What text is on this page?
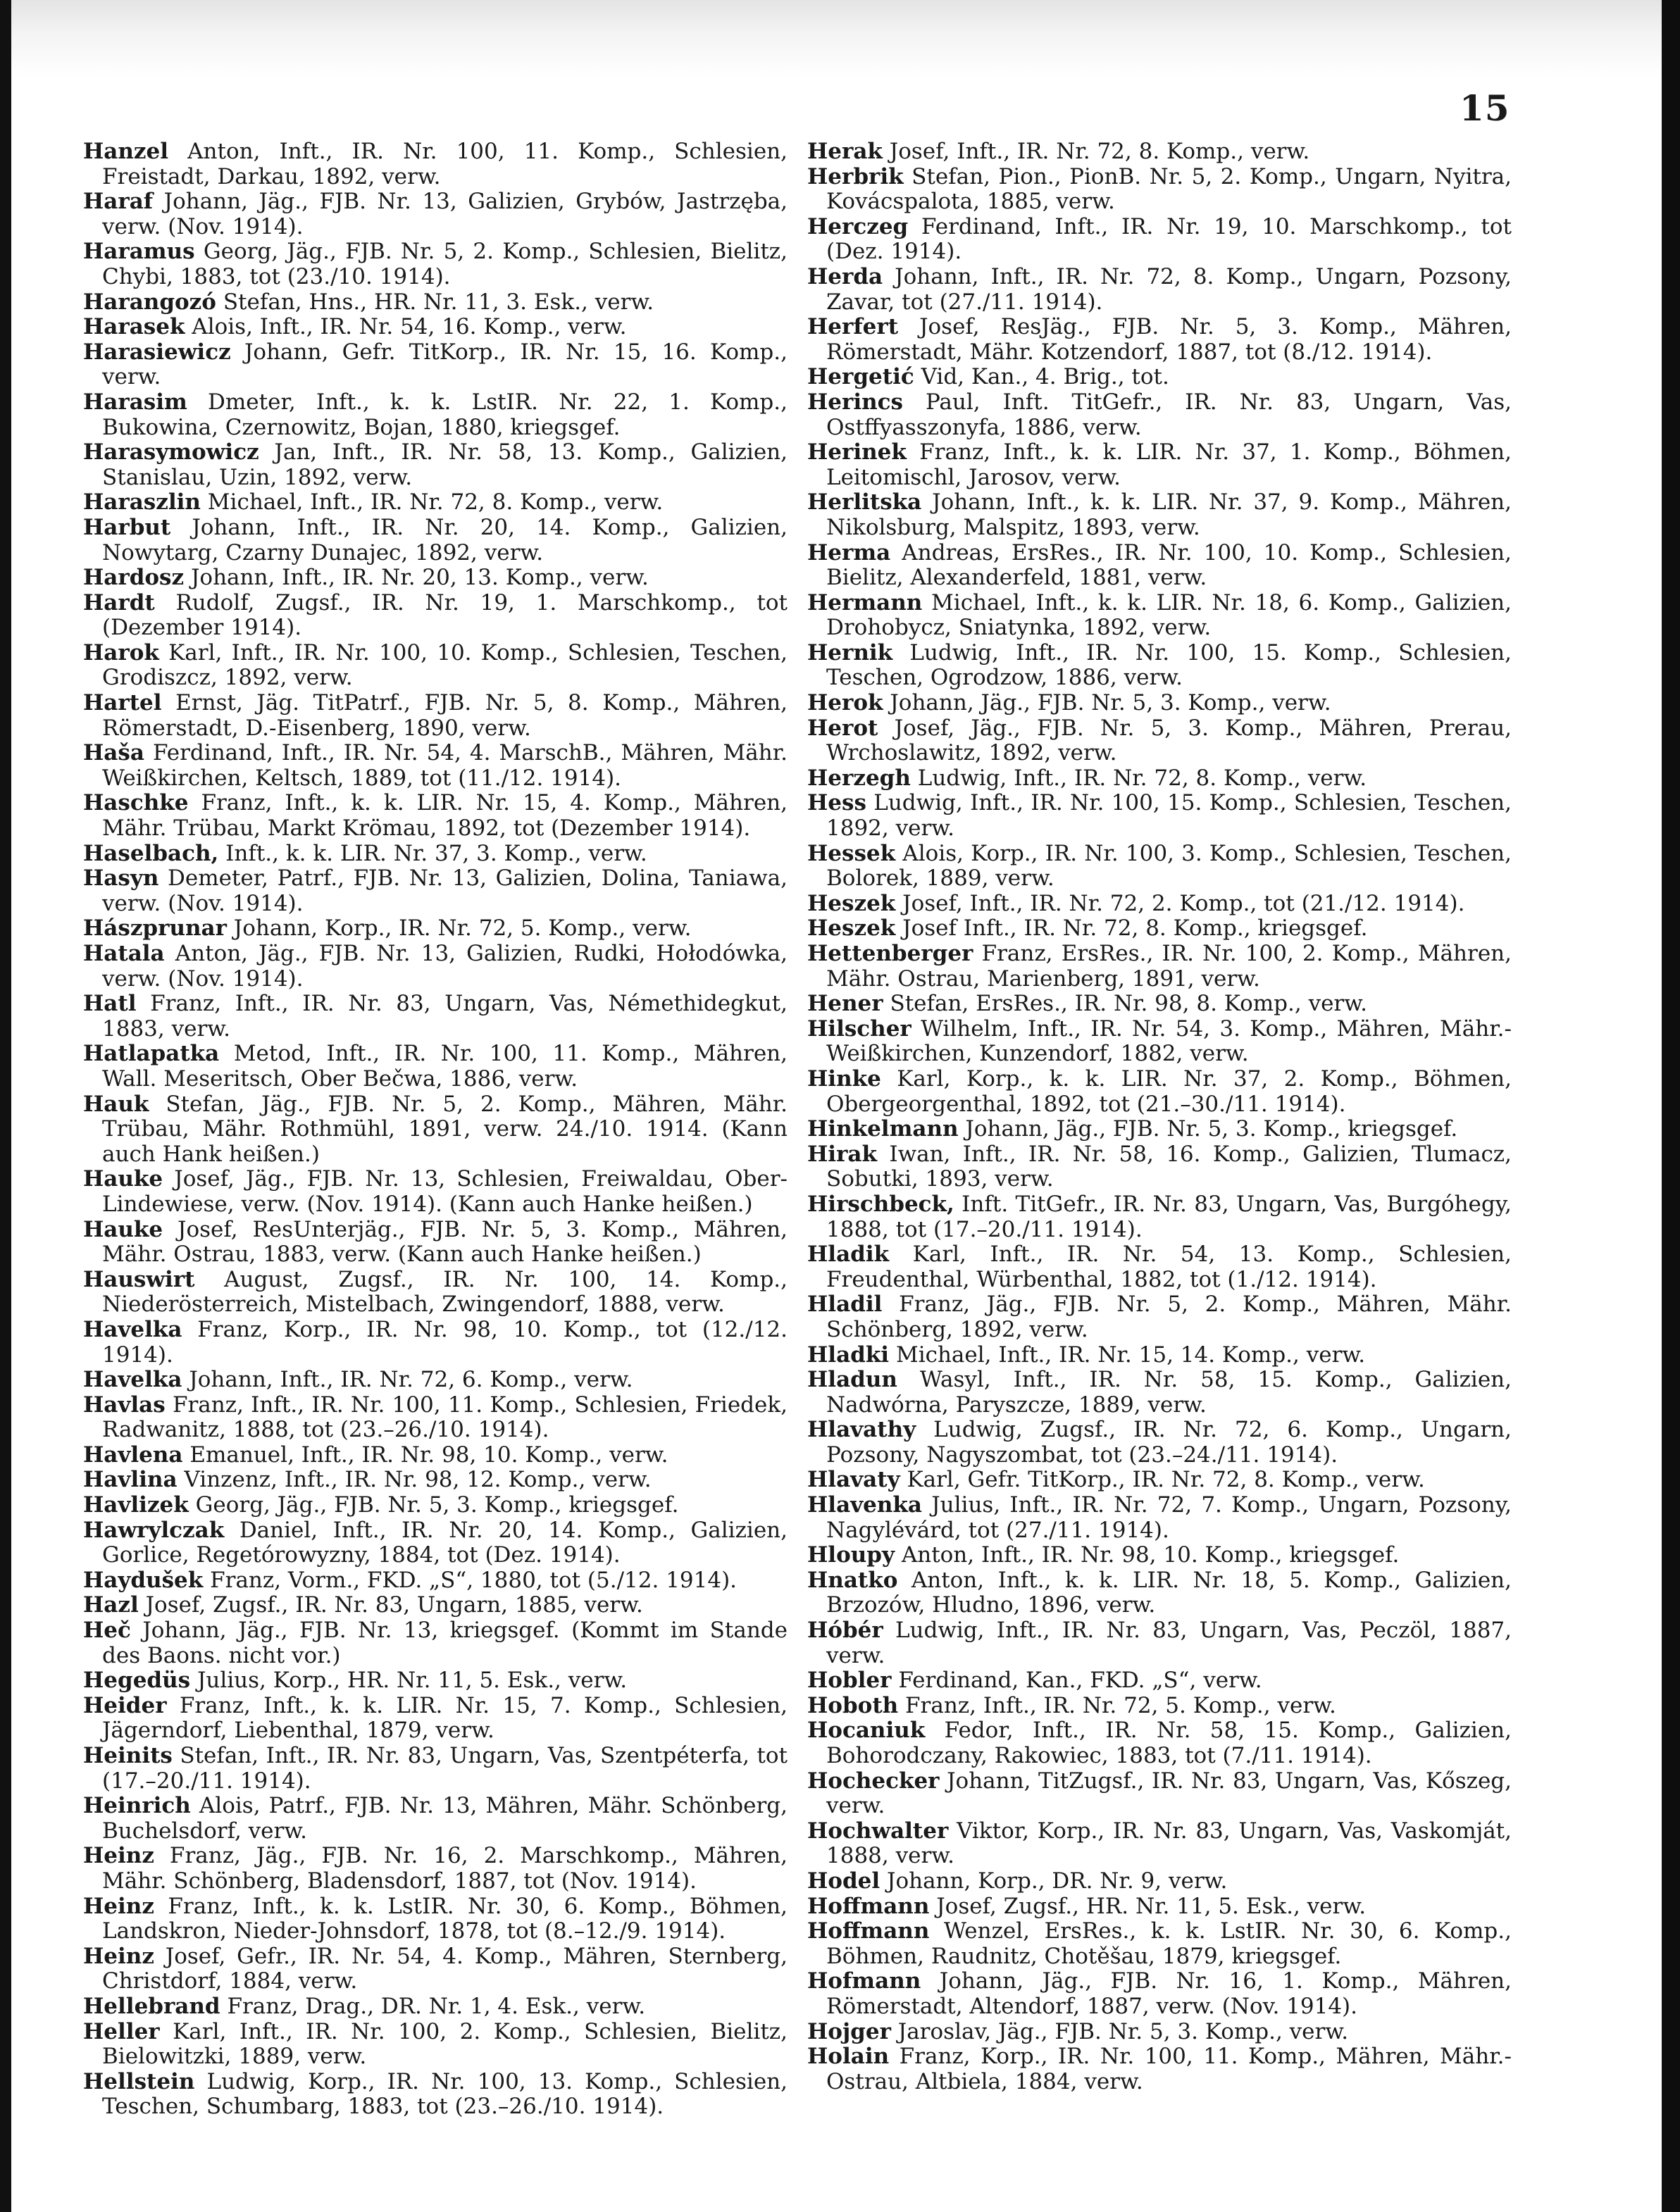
15

Hanzel Anton, Inft., IR. Nr. 100, 11. Komp., Schlesien, Freistadt, Darkau, 1892, verw.

Haraf Johann, Jäg., FJB. Nr. 13, Galizien, Grybów, Jastrzęba, verw. (Nov. 1914).

Haramus Georg, Jäg., FJB. Nr. 5, 2. Komp., Schlesien, Bielitz, Chybi, 1883, tot (23./10. 1914).

Harangozó Stefan, Hns., HR. Nr. 11, 3. Esk., verw.

Harasek Alois, Inft., IR. Nr. 54, 16. Komp., verw.

Harasiewicz Johann, Gefr. TitKorp., IR. Nr. 15, 16. Komp., verw.

Harasim Dmeter, Inft., k. k. LstIR. Nr. 22, 1. Komp., Bukowina, Czernowitz, Bojan, 1880, kriegsgef.

Harasymowicz Jan, Inft., IR. Nr. 58, 13. Komp., Galizien, Stanislau, Uzin, 1892, verw.

Haraszlin Michael, Inft., IR. Nr. 72, 8. Komp., verw.

Harbut Johann, Inft., IR. Nr. 20, 14. Komp., Galizien, Nowytarg, Czarny Dunajec, 1892, verw.

Hardosz Johann, Inft., IR. Nr. 20, 13. Komp., verw.

Hardt Rudolf, Zugsf., IR. Nr. 19, 1. Marschkomp., tot (Dezember 1914).

Harok Karl, Inft., IR. Nr. 100, 10. Komp., Schlesien, Teschen, Grodiszcz, 1892, verw.

Hartel Ernst, Jäg. TitPatrf., FJB. Nr. 5, 8. Komp., Mähren, Römerstadt, D.-Eisenberg, 1890, verw.

Haša Ferdinand, Inft., IR. Nr. 54, 4. MarschB., Mähren, Mähr. Weißkirchen, Keltsch, 1889, tot (11./12. 1914).

Haschke Franz, Inft., k. k. LIR. Nr. 15, 4. Komp., Mähren, Mähr. Trübau, Markt Krömau, 1892, tot (Dezember 1914).

Haselbach, Inft., k. k. LIR. Nr. 37, 3. Komp., verw.

Hasyn Demeter, Patrf., FJB. Nr. 13, Galizien, Dolina, Taniawa, verw. (Nov. 1914).

Hászprunar Johann, Korp., IR. Nr. 72, 5. Komp., verw.

Hatala Anton, Jäg., FJB. Nr. 13, Galizien, Rudki, Hołodówka, verw. (Nov. 1914).

Hatl Franz, Inft., IR. Nr. 83, Ungarn, Vas, Némethidegkut, 1883, verw.

Hatlapatka Metod, Inft., IR. Nr. 100, 11. Komp., Mähren, Wall. Meseritsch, Ober Bečwa, 1886, verw.

Hauk Stefan, Jäg., FJB. Nr. 5, 2. Komp., Mähren, Mähr. Trübau, Mähr. Rothmühl, 1891, verw. 24./10. 1914. (Kann auch Hank heißen.)

Hauke Josef, Jäg., FJB. Nr. 13, Schlesien, Freiwaldau, Ober-Lindewiese, verw. (Nov. 1914). (Kann auch Hanke heißen.)

Hauke Josef, ResUnterjäg., FJB. Nr. 5, 3. Komp., Mähren, Mähr. Ostrau, 1883, verw. (Kann auch Hanke heißen.)

Hauswirt August, Zugsf., IR. Nr. 100, 14. Komp., Niederösterreich, Mistelbach, Zwingendorf, 1888, verw.

Havelka Franz, Korp., IR. Nr. 98, 10. Komp., tot (12./12. 1914).

Havelka Johann, Inft., IR. Nr. 72, 6. Komp., verw.

Havlas Franz, Inft., IR. Nr. 100, 11. Komp., Schlesien, Friedek, Radwanitz, 1888, tot (23.–26./10. 1914).

Havlena Emanuel, Inft., IR. Nr. 98, 10. Komp., verw.

Havlina Vinzenz, Inft., IR. Nr. 98, 12. Komp., verw.

Havlizek Georg, Jäg., FJB. Nr. 5, 3. Komp., kriegsgef.

Hawrylczak Daniel, Inft., IR. Nr. 20, 14. Komp., Galizien, Gorlice, Regetórowyzny, 1884, tot (Dez. 1914).

Haydušek Franz, Vorm., FKD. „S“, 1880, tot (5./12. 1914).

Hazl Josef, Zugsf., IR. Nr. 83, Ungarn, 1885, verw.

Heč Johann, Jäg., FJB. Nr. 13, kriegsgef. (Kommt im Stande des Baons. nicht vor.)

Hegedüs Julius, Korp., HR. Nr. 11, 5. Esk., verw.

Heider Franz, Inft., k. k. LIR. Nr. 15, 7. Komp., Schlesien, Jägerndorf, Liebenthal, 1879, verw.

Heinits Stefan, Inft., IR. Nr. 83, Ungarn, Vas, Szentpéterfa, tot (17.–20./11. 1914).

Heinrich Alois, Patrf., FJB. Nr. 13, Mähren, Mähr. Schönberg, Buchelsdorf, verw.

Heinz Franz, Jäg., FJB. Nr. 16, 2. Marschkomp., Mähren, Mähr. Schönberg, Bladensdorf, 1887, tot (Nov. 1914).

Heinz Franz, Inft., k. k. LstIR. Nr. 30, 6. Komp., Böhmen, Landskron, Nieder-Johnsdorf, 1878, tot (8.–12./9. 1914).

Heinz Josef, Gefr., IR. Nr. 54, 4. Komp., Mähren, Sternberg, Christdorf, 1884, verw.

Hellebrand Franz, Drag., DR. Nr. 1, 4. Esk., verw.

Heller Karl, Inft., IR. Nr. 100, 2. Komp., Schlesien, Bielitz, Bielowitzki, 1889, verw.

Hellstein Ludwig, Korp., IR. Nr. 100, 13. Komp., Schlesien, Teschen, Schumbarg, 1883, tot (23.–26./10. 1914).

Herak Josef, Inft., IR. Nr. 72, 8. Komp., verw.

Herbrik Stefan, Pion., PionB. Nr. 5, 2. Komp., Ungarn, Nyitra, Kovácspalota, 1885, verw.

Herczeg Ferdinand, Inft., IR. Nr. 19, 10. Marschkomp., tot (Dez. 1914).

Herda Johann, Inft., IR. Nr. 72, 8. Komp., Ungarn, Pozsony, Zavar, tot (27./11. 1914).

Herfert Josef, ResJäg., FJB. Nr. 5, 3. Komp., Mähren, Römerstadt, Mähr. Kotzendorf, 1887, tot (8./12. 1914).

Hergetić Vid, Kan., 4. Brig., tot.

Herincs Paul, Inft. TitGefr., IR. Nr. 83, Ungarn, Vas, Ostffyasszonyfa, 1886, verw.

Herinek Franz, Inft., k. k. LIR. Nr. 37, 1. Komp., Böhmen, Leitomischl, Jarosov, verw.

Herlitska Johann, Inft., k. k. LIR. Nr. 37, 9. Komp., Mähren, Nikolsburg, Malspitz, 1893, verw.

Herma Andreas, ErsRes., IR. Nr. 100, 10. Komp., Schlesien, Bielitz, Alexanderfeld, 1881, verw.

Hermann Michael, Inft., k. k. LIR. Nr. 18, 6. Komp., Galizien, Drohobycz, Sniatynka, 1892, verw.

Hernik Ludwig, Inft., IR. Nr. 100, 15. Komp., Schlesien, Teschen, Ogrodzow, 1886, verw.

Herok Johann, Jäg., FJB. Nr. 5, 3. Komp., verw.

Herot Josef, Jäg., FJB. Nr. 5, 3. Komp., Mähren, Prerau, Wrchoslawitz, 1892, verw.

Herzegh Ludwig, Inft., IR. Nr. 72, 8. Komp., verw.

Hess Ludwig, Inft., IR. Nr. 100, 15. Komp., Schlesien, Teschen, 1892, verw.

Hessek Alois, Korp., IR. Nr. 100, 3. Komp., Schlesien, Teschen, Bolorek, 1889, verw.

Heszek Josef, Inft., IR. Nr. 72, 2. Komp., tot (21./12. 1914).

Heszek Josef Inft., IR. Nr. 72, 8. Komp., kriegsgef.

Hettenberger Franz, ErsRes., IR. Nr. 100, 2. Komp., Mähren, Mähr. Ostrau, Marienberg, 1891, verw.

Hener Stefan, ErsRes., IR. Nr. 98, 8. Komp., verw.

Hilscher Wilhelm, Inft., IR. Nr. 54, 3. Komp., Mähren, Mähr.-Weißkirchen, Kunzendorf, 1882, verw.

Hinke Karl, Korp., k. k. LIR. Nr. 37, 2. Komp., Böhmen, Obergeorgenthal, 1892, tot (21.–30./11. 1914).

Hinkelmann Johann, Jäg., FJB. Nr. 5, 3. Komp., kriegsgef.

Hirak Iwan, Inft., IR. Nr. 58, 16. Komp., Galizien, Tlumacz, Sobutki, 1893, verw.

Hirschbeck, Inft. TitGefr., IR. Nr. 83, Ungarn, Vas, Burgóhegy, 1888, tot (17.–20./11. 1914).

Hladik Karl, Inft., IR. Nr. 54, 13. Komp., Schlesien, Freudenthal, Würbenthal, 1882, tot (1./12. 1914).

Hladil Franz, Jäg., FJB. Nr. 5, 2. Komp., Mähren, Mähr. Schönberg, 1892, verw.

Hladki Michael, Inft., IR. Nr. 15, 14. Komp., verw.

Hladun Wasyl, Inft., IR. Nr. 58, 15. Komp., Galizien, Nadwórna, Paryszcze, 1889, verw.

Hlavathy Ludwig, Zugsf., IR. Nr. 72, 6. Komp., Ungarn, Pozsony, Nagyszombat, tot (23.–24./11. 1914).

Hlavaty Karl, Gefr. TitKorp., IR. Nr. 72, 8. Komp., verw.

Hlavenka Julius, Inft., IR. Nr. 72, 7. Komp., Ungarn, Pozsony, Nagylévárd, tot (27./11. 1914).

Hloupy Anton, Inft., IR. Nr. 98, 10. Komp., kriegsgef.

Hnatko Anton, Inft., k. k. LIR. Nr. 18, 5. Komp., Galizien, Brzozów, Hludno, 1896, verw.

Hóbér Ludwig, Inft., IR. Nr. 83, Ungarn, Vas, Peczöl, 1887, verw.

Hobler Ferdinand, Kan., FKD. „S“, verw.

Hoboth Franz, Inft., IR. Nr. 72, 5. Komp., verw.

Hocaniuk Fedor, Inft., IR. Nr. 58, 15. Komp., Galizien, Bohorodczany, Rakowiec, 1883, tot (7./11. 1914).

Hochecker Johann, TitZugsf., IR. Nr. 83, Ungarn, Vas, Kőszeg, verw.

Hochwalter Viktor, Korp., IR. Nr. 83, Ungarn, Vas, Vaskomját, 1888, verw.

Hodel Johann, Korp., DR. Nr. 9, verw.

Hoffmann Josef, Zugsf., HR. Nr. 11, 5. Esk., verw.

Hoffmann Wenzel, ErsRes., k. k. LstIR. Nr. 30, 6. Komp., Böhmen, Raudnitz, Chotěšau, 1879, kriegsgef.

Hofmann Johann, Jäg., FJB. Nr. 16, 1. Komp., Mähren, Römerstadt, Altendorf, 1887, verw. (Nov. 1914).

Hojger Jaroslav, Jäg., FJB. Nr. 5, 3. Komp., verw.

Holain Franz, Korp., IR. Nr. 100, 11. Komp., Mähren, Mähr.-Ostrau, Altbiela, 1884, verw.
